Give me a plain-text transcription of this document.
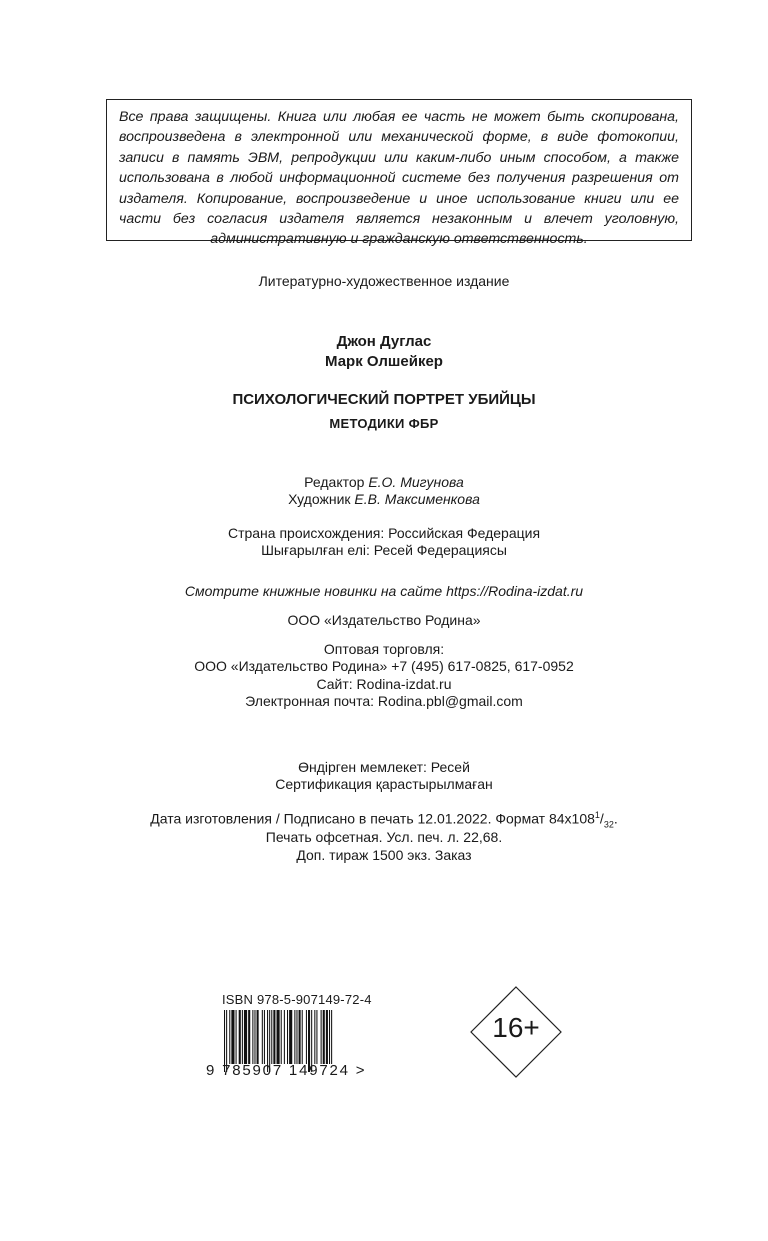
Все права защищены. Книга или любая ее часть не может быть скопирована, воспроизведена в электронной или механической форме, в виде фотокопии, записи в память ЭВМ, репродукции или каким-либо иным способом, а также использована в любой информационной системе без получения разрешения от издателя. Копирование, воспроизведение и иное использование книги или ее части без согласия издателя является незаконным и влечет уголовную, административную и гражданскую ответственность.
Литературно-художественное издание
Джон Дуглас
Марк Олшейкер
ПСИХОЛОГИЧЕСКИЙ ПОРТРЕТ УБИЙЦЫ
МЕТОДИКИ ФБР
Редактор Е.О. Мигунова
Художник Е.В. Максименкова
Страна происхождения: Российская Федерация
Шығарылған елі: Ресей Федерациясы
Смотрите книжные новинки на сайте https://Rodina-izdat.ru
ООО «Издательство Родина»
Оптовая торговля:
ООО «Издательство Родина» +7 (495) 617-0825, 617-0952
Сайт: Rodina-izdat.ru
Электронная почта: Rodina.pbl@gmail.com
Өндірген мемлекет: Ресей
Сертификация қарастырылмаған
Дата изготовления / Подписано в печать 12.01.2022. Формат $84x108^1/_{32}$.
Печать офсетная. Усл. печ. л. 22,68.
Доп. тираж 1500 экз. Заказ
ISBN 978-5-907149-72-4
9 785907 149724 >
16+
